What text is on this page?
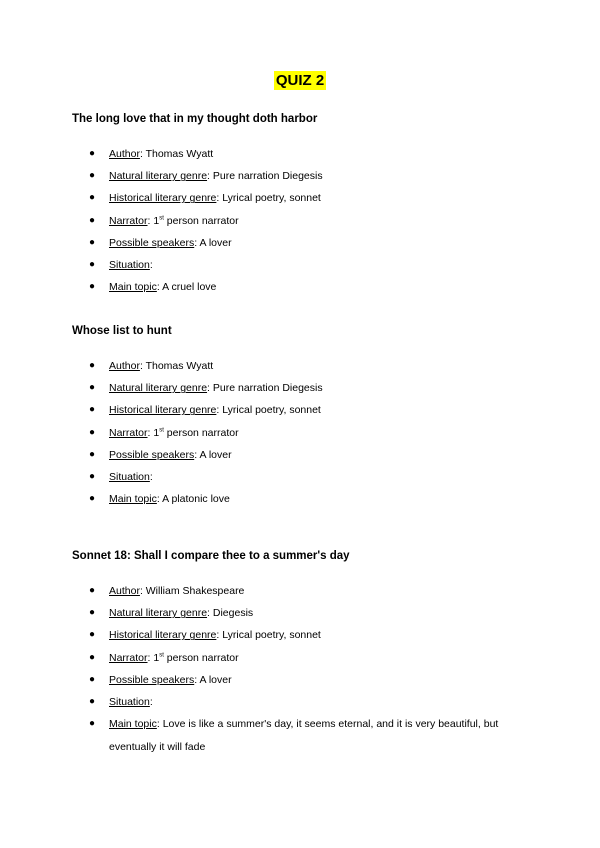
QUIZ 2

The long love that in my thought doth harbor

● Author: Thomas Wyatt
● Natural literary genre: Pure narration Diegesis
● Historical literary genre: Lyrical poetry, sonnet
● Narrator: 1st person narrator
● Possible speakers: A lover
● Situation:
● Main topic: A cruel love

Whose list to hunt

● Author: Thomas Wyatt
● Natural literary genre: Pure narration Diegesis
● Historical literary genre: Lyrical poetry, sonnet
● Narrator: 1st person narrator
● Possible speakers: A lover
● Situation:
● Main topic: A platonic love

Sonnet 18: Shall I compare thee to a summer's day

● Author: William Shakespeare
● Natural literary genre: Diegesis
● Historical literary genre: Lyrical poetry, sonnet
● Narrator: 1st person narrator
● Possible speakers: A lover
● Situation:
● Main topic: Love is like a summer's day, it seems eternal, and it is very beautiful, but eventually it will fade
